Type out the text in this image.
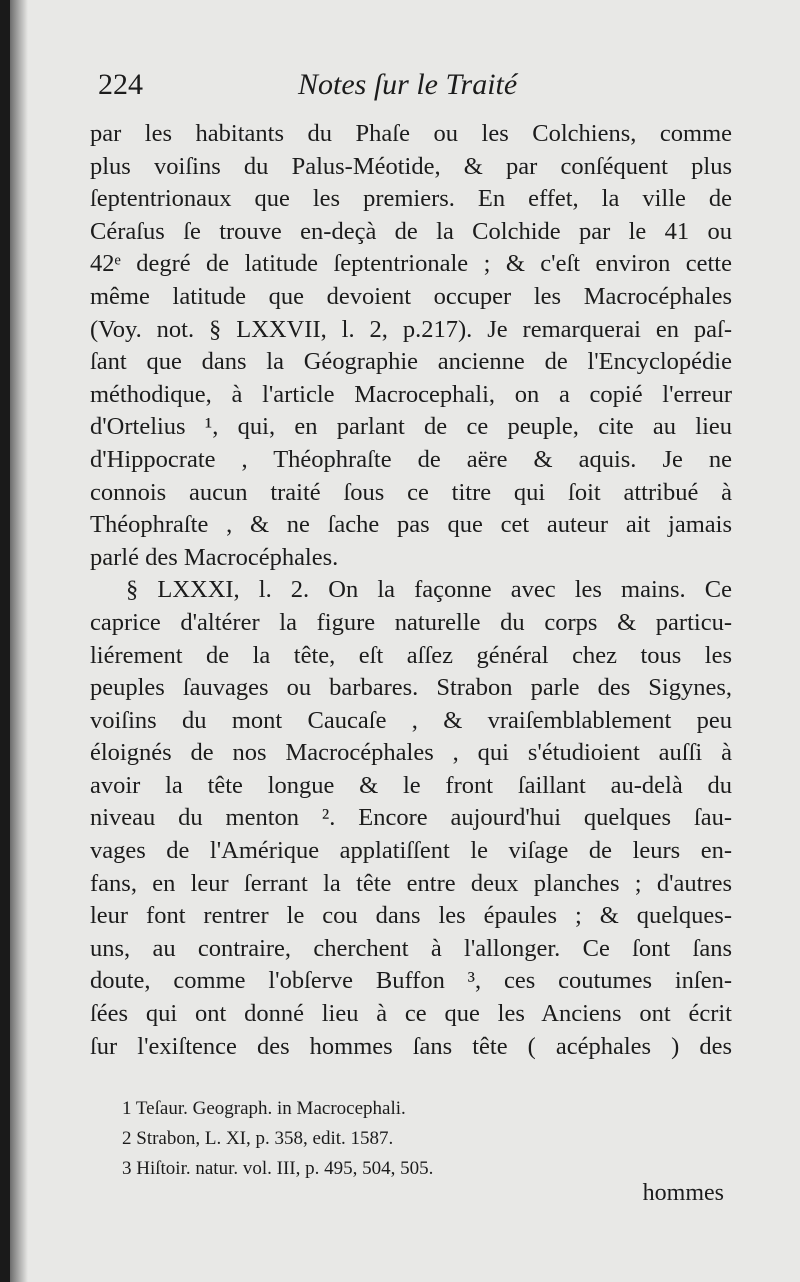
224	Notes ſur le Traité
par les habitants du Phaſe ou les Colchiens, comme
plus voiſins du Palus-Méotide, & par conſéquent plus
ſeptentrionaux que les premiers. En effet, la ville de
Céraſus ſe trouve en-deçà de la Colchide par le 41 ou
42ᵉ degré de latitude ſeptentrionale ; & c'eſt environ cette
même latitude que devoient occuper les Macrocéphales
(Voy. not. § LXXVII, l. 2, p.217). Je remarquerai en paſ-
ſant que dans la Géographie ancienne de l'Encyclopédie
méthodique, à l'article Macrocephali, on a copié l'erreur
d'Ortelius ¹, qui, en parlant de ce peuple, cite au lieu
d'Hippocrate , Théophraſte de aëre & aquis. Je ne
connois aucun traité ſous ce titre qui ſoit attribué à
Théophraſte , & ne ſache pas que cet auteur ait jamais
parlé des Macrocéphales.
§ LXXXI, l. 2. On la façonne avec les mains. Ce
caprice d'altérer la figure naturelle du corps & particu-
liérement de la tête, eſt aſſez général chez tous les
peuples ſauvages ou barbares. Strabon parle des Sigynes,
voiſins du mont Caucaſe , & vraiſemblablement peu
éloignés de nos Macrocéphales , qui s'étudioient auſſi à
avoir la tête longue & le front ſaillant au-delà du
niveau du menton ². Encore aujourd'hui quelques ſau-
vages de l'Amérique applatiſſent le viſage de leurs en-
fans, en leur ſerrant la tête entre deux planches ; d'autres
leur font rentrer le cou dans les épaules ; & quelques-
uns, au contraire, cherchent à l'allonger. Ce ſont ſans
doute, comme l'obſerve Buffon ³, ces coutumes inſen-
ſées qui ont donné lieu à ce que les Anciens ont écrit
ſur l'exiſtence des hommes ſans tête ( acéphales ) des
1 Teſaur. Geograph. in Macrocephali.
2 Strabon, L. XI, p. 358, edit. 1587.
3 Hiſtoir. natur. vol. III, p. 495, 504, 505.
hommes
